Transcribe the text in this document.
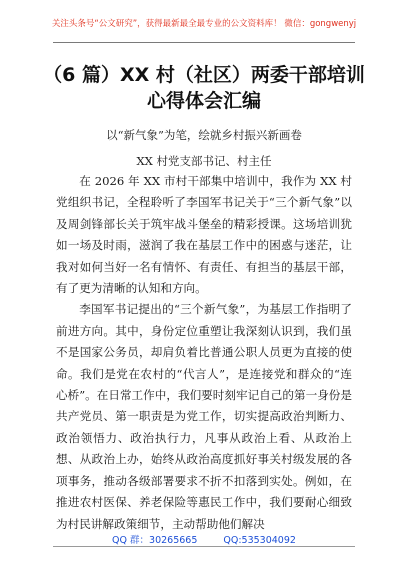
关注头条号“公文研究”，获得最新最全最专业的公文资料库！ 微信：gongwenyj
（6 篇）XX 村（社区）两委干部培训心得体会汇编
以“新气象”为笔，绘就乡村振兴新画卷
XX 村党支部书记、村主任

在 2026 年 XX 市村干部集中培训中，我作为 XX 村党组织书记，全程聆听了李国军书记关于“三个新气象”以及周剑锋部长关于筑牢战斗堡垒的精彩授课。这场培训犹如一场及时雨，滋润了我在基层工作中的困惑与迷茫，让我对如何当好一名有情怀、有责任、有担当的基层干部，有了更为清晰的认知和方向。

李国军书记提出的“三个新气象”，为基层工作指明了前进方向。其中，身份定位重塑让我深刻认识到，我们虽不是国家公务员，却肩负着比普通公职人员更为直接的使命。我们是党在农村的“代言人”，是连接党和群众的“连心桥”。在日常工作中，我们要时刻牢记自己的第一身份是共产党员、第一职责是为党工作，切实提高政治判断力、政治领悟力、政治执行力，凡事从政治上看、从政治上想、从政治上办，始终从政治高度抓好事关村级发展的各项事务，推动各级部署要求不折不扣落到实处。例如，在推进农村医保、养老保险等惠民工作中，我们要耐心细致为村民讲解政策细节，主动帮助他们解决

QQ 群：30265665	QQ:535304092
